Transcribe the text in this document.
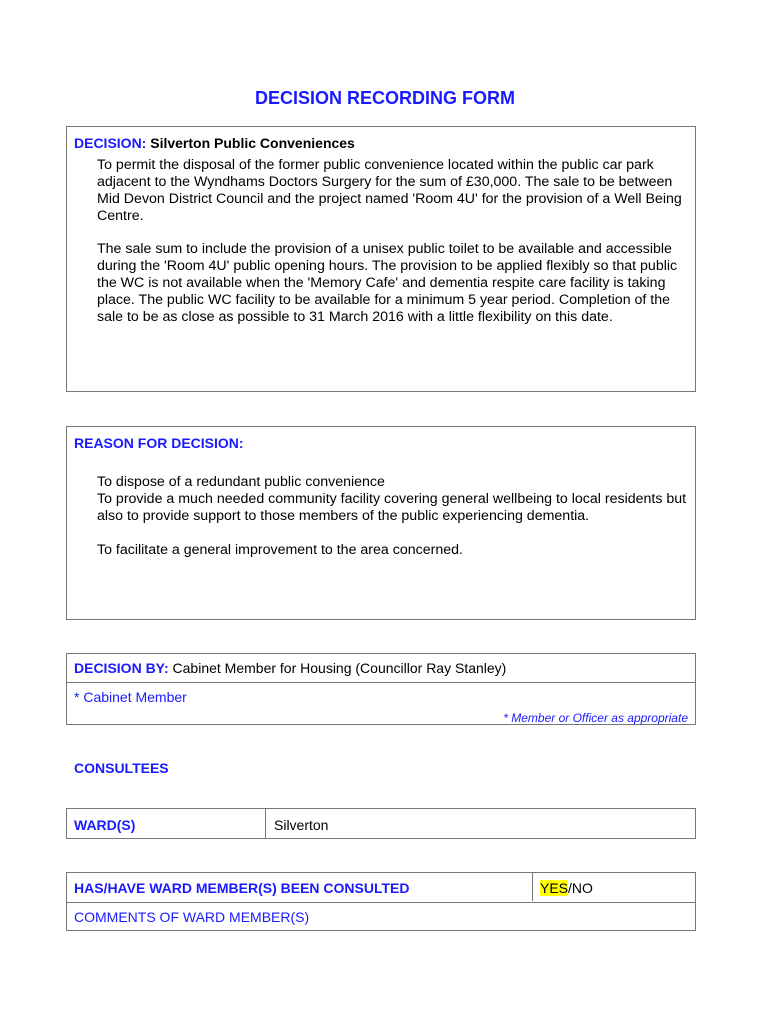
DECISION RECORDING FORM
DECISION: Silverton Public Conveniences

To permit the disposal of the former public convenience located within the public car park adjacent to the Wyndhams Doctors Surgery for the sum of £30,000. The sale to be between Mid Devon District Council and the project named 'Room 4U' for the provision of a Well Being Centre.

The sale sum to include the provision of a unisex public toilet to be available and accessible during the 'Room 4U' public opening hours. The provision to be applied flexibly so that public the WC is not available when the 'Memory Cafe' and dementia respite care facility is taking place. The public WC facility to be available for a minimum 5 year period. Completion of the sale to be as close as possible to 31 March 2016 with a little flexibility on this date.

REASON FOR DECISION:

To dispose of a redundant public convenience

To provide a much needed community facility covering general wellbeing to local residents but also to provide support to those members of the public experiencing dementia.

To facilitate a general improvement to the area concerned.

DECISION BY: Cabinet Member for Housing (Councillor Ray Stanley)
* Cabinet Member
* Member or Officer as appropriate
CONSULTEES
WARD(S)	Silverton
HAS/HAVE WARD MEMBER(S) BEEN CONSULTED	YES/NO
COMMENTS OF WARD MEMBER(S)
